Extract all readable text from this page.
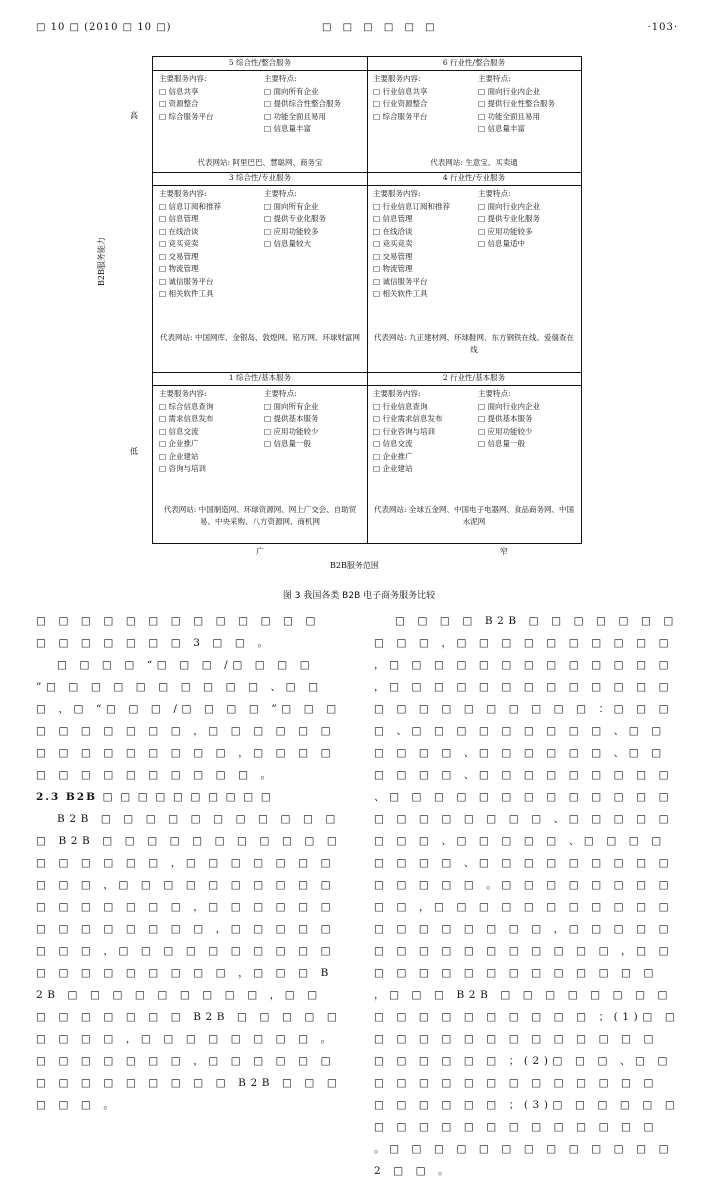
□ 10 □ (2010 □ 10 □)	□ □ □ □ □ □	·103·
高
B2B服务能力
低
5 综合性/整合服务
主要服务内容:
□ 信息共享
□ 资源整合
□ 综合服务平台
主要特点:
□ 面向所有企业
□ 提供综合性整合服务
□ 功能全面且易用
□ 信息量丰富
代表网站: 阿里巴巴、慧聪网、商务宝
6 行业性/整合服务
主要服务内容:
□ 行业信息共享
□ 行业资源整合
□ 综合服务平台
主要特点:
□ 面向行业内企业
□ 提供行业性整合服务
□ 功能全面且易用
□ 信息量丰富
代表网站: 生意宝、买卖通
3 综合性/专业服务
主要服务内容:
□ 信息订阅和推荐
□ 信息管理
□ 在线洽谈
□ 竞买竞卖
□ 交易管理
□ 物流管理
□ 诚信服务平台
□ 相关软件工具
主要特点:
□ 面向所有企业
□ 提供专业化服务
□ 应用功能较多
□ 信息量较大
代表网站: 中国网库、金银岛、敦煌网、铭万网、环球财富网
4 行业性/专业服务
主要服务内容:
□ 行业信息订阅和推荐
□ 信息管理
□ 在线洽谈
□ 竞买竞卖
□ 交易管理
□ 物流管理
□ 诚信服务平台
□ 相关软件工具
主要特点:
□ 面向行业内企业
□ 提供专业化服务
□ 应用功能较多
□ 信息量适中
代表网站: 九正建材网、环球鞋网、东方钢铁在线、爱僖查在线
1 综合性/基本服务
主要服务内容:
□ 综合信息查询
□ 需求信息发布
□ 信息交流
□ 企业推广
□ 企业建站
□ 咨询与培训
主要特点:
□ 面向所有企业
□ 提供基本服务
□ 应用功能较少
□ 信息量一般
代表网站: 中国制造网、环球资源网、网上广交会、自助贸易、中央采购、八方资源网、商机网
2 行业性/基本服务
主要服务内容:
□ 行业信息查询
□ 行业需求信息发布
□ 行业咨询与培训
□ 信息交流
□ 企业推广
□ 企业建站
主要特点:
□ 面向行业内企业
□ 提供基本服务
□ 应用功能较少
□ 信息量一般
代表网站: 全球五金网、中国电子电器网、食品商务网、中国水泥网
广	窄
B2B服务范围
图 3 我国各类 B2B 电子商务服务比较

□ □ □ □ □ □ □ □ □ □ □ □ □ □ □ □ □ □ □ □ 3 □ □ 。

□ □ □ □ “□ □ □ /□ □ □ □ ”□ □ □ □ □ □ □ □ □ □ 、□ □ □ ，□ “□ □ □ /□ □ □ □ ”□ □ □ □ □ □ □ □ □ □ ，□ □ □ □ □ □ □ □ □ □ □ □ □ □ □ ，□ □ □ □ □ □ □ □ □ □ □ □ □ □ 。

2.3 B2B □ □ □ □ □ □ □ □ □ □

B2B □ □ □ □ □ □ □ □ □ □ □ □ B2B □ □ □ □ □ □ □ □ □ □ □ □ □ □ □ □ □ ，□ □ □ □ □ □ □ □ □ □ ，□ □ □ □ □ □ □ □ □ □ □ □ □ □ □ □ □ ，□ □ □ □ □ □ □ □ □ □ □ □ □ □ ，□ □ □ □ □ □ □ □ ，□ □ □ □ □ □ □ □ □ □ □ □ □ □ □ □ □ □ □ ，□ □ □ B2B □ □ □ □ □ □ □ □ □ ，□ □ □ □ □ □ □ □ □ B2B □ □ □ □ □ □ □ □ □ ，□ □ □ □ □ □ □ □ 。□ □ □ □ □ □ □ ，□ □ □ □ □ □ □ □ □ □ □ □ □ □ □ B2B □ □ □ □ □ □ 。

□ □ □ □ B2B □ □ □ □ □ □ □ □ □ □ ，□ □ □ □ □ □ □ □ □ □ ，□ □ □ □ □ □ □ □ □ □ □ □ □ ，□ □ □ □ □ □ □ □ □ □ □ □ □ □ □ □ □ □ □ □ □ □ □ ：□ □ □ □ 、□ □ □ □ □ □ □ □ □ 、□ □ □ □ □ □ 、□ □ □ □ □ □ 、□ □ □ □ □ □ 、□ □ □ □ □ □ □ □ □ 、□ □ □ □ □ □ □ □ □ □ □ □ □ □ □ □ □ □ □ □ □ 、□ □ □ □ □ □ □ □ 、□ □ □ □ □ 、□ □ □ □ □ □ □ □ 、□ □ □ □ □ □ □ □ □ □ □ □ □ □ 。□ □ □ □ □ □ □ □ □ □ ，□ □ □ □ □ □ □ □ □ □ □ □ □ □ □ □ □ □ □ ，□ □ □ □ □ □ □ □ □ □ □ □ □ □ □ □ ，□ □ □ □ □ □ □ □ □ □ □ □ □ □ □ ，□ □ □ B2B □ □ □ □ □ □ □ □ □ □ □ □ □ □ □ □ □ □ ；(1)□ □ □ □ □ □ □ □ □ □ □ □ □ □ □ □ □ □ □ □ □ ；(2)□ □ □ 、□ □ □ □ □ □ □ □ □ □ □ □ □ □ □ □ □ □ □ □ □ ；(3)□ □ □ □ □ □ □ □ □ □ □ □ □ □ □ □ □ □ □ 。□ □ □ □ □ □ □ □ □ □ □ □ □ 2 □ □ 。
